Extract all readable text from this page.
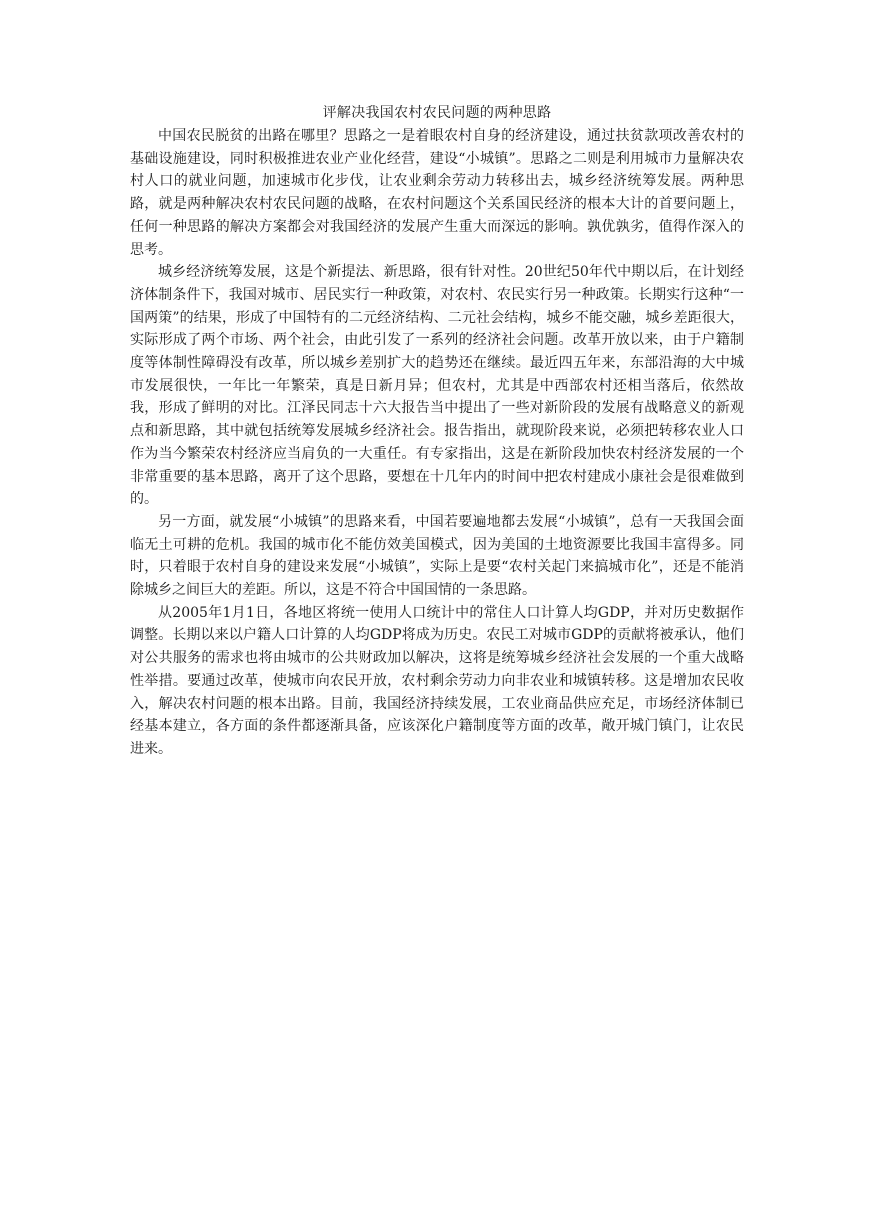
评解决我国农村农民问题的两种思路

中国农民脱贫的出路在哪里？思路之一是着眼农村自身的经济建设，通过扶贫款项改善农村的基础设施建设，同时积极推进农业产业化经营，建设“小城镇”。思路之二则是利用城市力量解决农村人口的就业问题，加速城市化步伐，让农业剩余劳动力转移出去，城乡经济统筹发展。两种思路，就是两种解决农村农民问题的战略，在农村问题这个关系国民经济的根本大计的首要问题上，任何一种思路的解决方案都会对我国经济的发展产生重大而深远的影响。孰优孰劣，值得作深入的思考。

城乡经济统筹发展，这是个新提法、新思路，很有针对性。20世纪50年代中期以后，在计划经济体制条件下，我国对城市、居民实行一种政策，对农村、农民实行另一种政策。长期实行这种“一国两策”的结果，形成了中国特有的二元经济结构、二元社会结构，城乡不能交融，城乡差距很大，实际形成了两个市场、两个社会，由此引发了一系列的经济社会问题。改革开放以来，由于户籍制度等体制性障碍没有改革，所以城乡差别扩大的趋势还在继续。最近四五年来，东部沿海的大中城市发展很快，一年比一年繁荣，真是日新月异；但农村，尤其是中西部农村还相当落后，依然故我，形成了鲜明的对比。江泽民同志十六大报告当中提出了一些对新阶段的发展有战略意义的新观点和新思路，其中就包括统筹发展城乡经济社会。报告指出，就现阶段来说，必须把转移农业人口作为当今繁荣农村经济应当肩负的一大重任。有专家指出，这是在新阶段加快农村经济发展的一个非常重要的基本思路，离开了这个思路，要想在十几年内的时间中把农村建成小康社会是很难做到的。

另一方面，就发展“小城镇”的思路来看，中国若要遍地都去发展“小城镇”，总有一天我国会面临无土可耕的危机。我国的城市化不能仿效美国模式，因为美国的土地资源要比我国丰富得多。同时，只着眼于农村自身的建设来发展“小城镇”，实际上是要“农村关起门来搞城市化”，还是不能消除城乡之间巨大的差距。所以，这是不符合中国国情的一条思路。

从2005年1月1日，各地区将统一使用人口统计中的常住人口计算人均GDP，并对历史数据作调整。长期以来以户籍人口计算的人均GDP将成为历史。农民工对城市GDP的贡献将被承认，他们对公共服务的需求也将由城市的公共财政加以解决，这将是统筹城乡经济社会发展的一个重大战略性举措。要通过改革，使城市向农民开放，农村剩余劳动力向非农业和城镇转移。这是增加农民收入，解决农村问题的根本出路。目前，我国经济持续发展，工农业商品供应充足，市场经济体制已经基本建立，各方面的条件都逐渐具备，应该深化户籍制度等方面的改革，敞开城门镇门，让农民进来。
